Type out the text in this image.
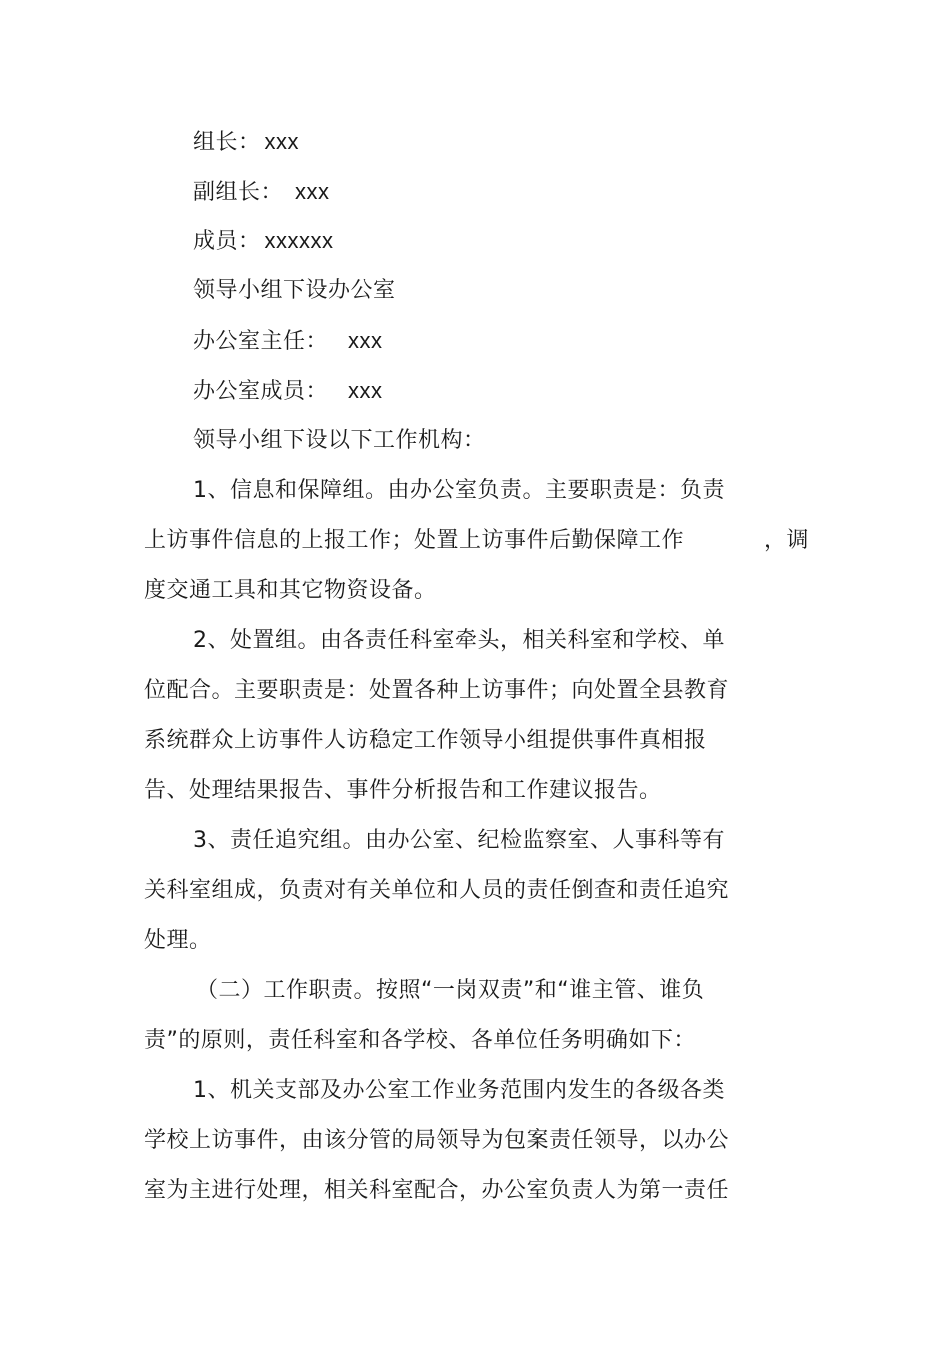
组长： xxx
副组长： xxx
成员： xxxxxx
领导小组下设办公室
办公室主任： xxx
办公室成员： xxx
领导小组下设以下工作机构：
1、信息和保障组。由办公室负责。主要职责是：负责
上访事件信息的上报工作；处置上访事件后勤保障工作	，调
度交通工具和其它物资设备。
2、处置组。由各责任科室牵头，相关科室和学校、单
位配合。主要职责是：处置各种上访事件；向处置全县教育
系统群众上访事件人访稳定工作领导小组提供事件真相报
告、处理结果报告、事件分析报告和工作建议报告。
3、责任追究组。由办公室、纪检监察室、人事科等有
关科室组成，负责对有关单位和人员的责任倒查和责任追究
处理。
（二）工作职责。按照“一岗双责”和“谁主管、谁负
责”的原则，责任科室和各学校、各单位任务明确如下：
1、机关支部及办公室工作业务范围内发生的各级各类
学校上访事件，由该分管的局领导为包案责任领导，以办公
室为主进行处理，相关科室配合，办公室负责人为第一责任
